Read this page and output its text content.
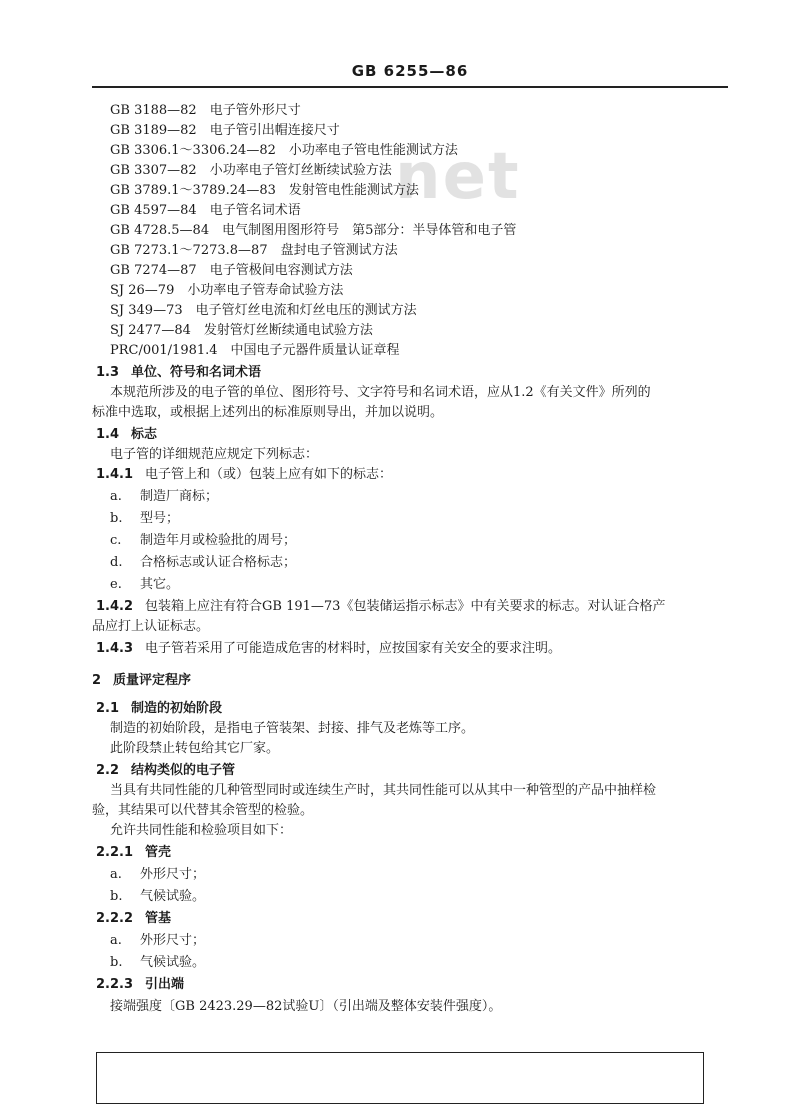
GB 6255—86
net
GB 3188—82　电子管外形尺寸
GB 3189—82　电子管引出帽连接尺寸
GB 3306.1～3306.24—82　小功率电子管电性能测试方法
GB 3307—82　小功率电子管灯丝断续试验方法
GB 3789.1～3789.24—83　发射管电性能测试方法
GB 4597—84　电子管名词术语
GB 4728.5—84　电气制图用图形符号　第5部分：半导体管和电子管
GB 7273.1～7273.8—87　盘封电子管测试方法
GB 7274—87　电子管极间电容测试方法
SJ 26—79　小功率电子管寿命试验方法
SJ 349—73　电子管灯丝电流和灯丝电压的测试方法
SJ 2477—84　发射管灯丝断续通电试验方法
PRC/001/1981.4　中国电子元器件质量认证章程
1.3 单位、符号和名词术语
本规范所涉及的电子管的单位、图形符号、文字符号和名词术语，应从1.2《有关文件》所列的
标准中选取，或根据上述列出的标准原则导出，并加以说明。
1.4 标志
电子管的详细规范应规定下列标志：
1.4.1 电子管上和（或）包装上应有如下的标志：
a. 制造厂商标；
b. 型号；
c. 制造年月或检验批的周号；
d. 合格标志或认证合格标志；
e. 其它。
1.4.2 包装箱上应注有符合GB 191—73《包装储运指示标志》中有关要求的标志。对认证合格产
品应打上认证标志。
1.4.3 电子管若采用了可能造成危害的材料时，应按国家有关安全的要求注明。
2 质量评定程序
2.1 制造的初始阶段
制造的初始阶段，是指电子管装架、封接、排气及老炼等工序。
此阶段禁止转包给其它厂家。
2.2 结构类似的电子管
当具有共同性能的几种管型同时或连续生产时，其共同性能可以从其中一种管型的产品中抽样检
验，其结果可以代替其余管型的检验。
允许共同性能和检验项目如下：
2.2.1 管壳
a. 外形尺寸；
b. 气候试验。
2.2.2 管基
a. 外形尺寸；
b. 气候试验。
2.2.3 引出端
接端强度〔GB 2423.29—82试验U〕（引出端及整体安装件强度）。
